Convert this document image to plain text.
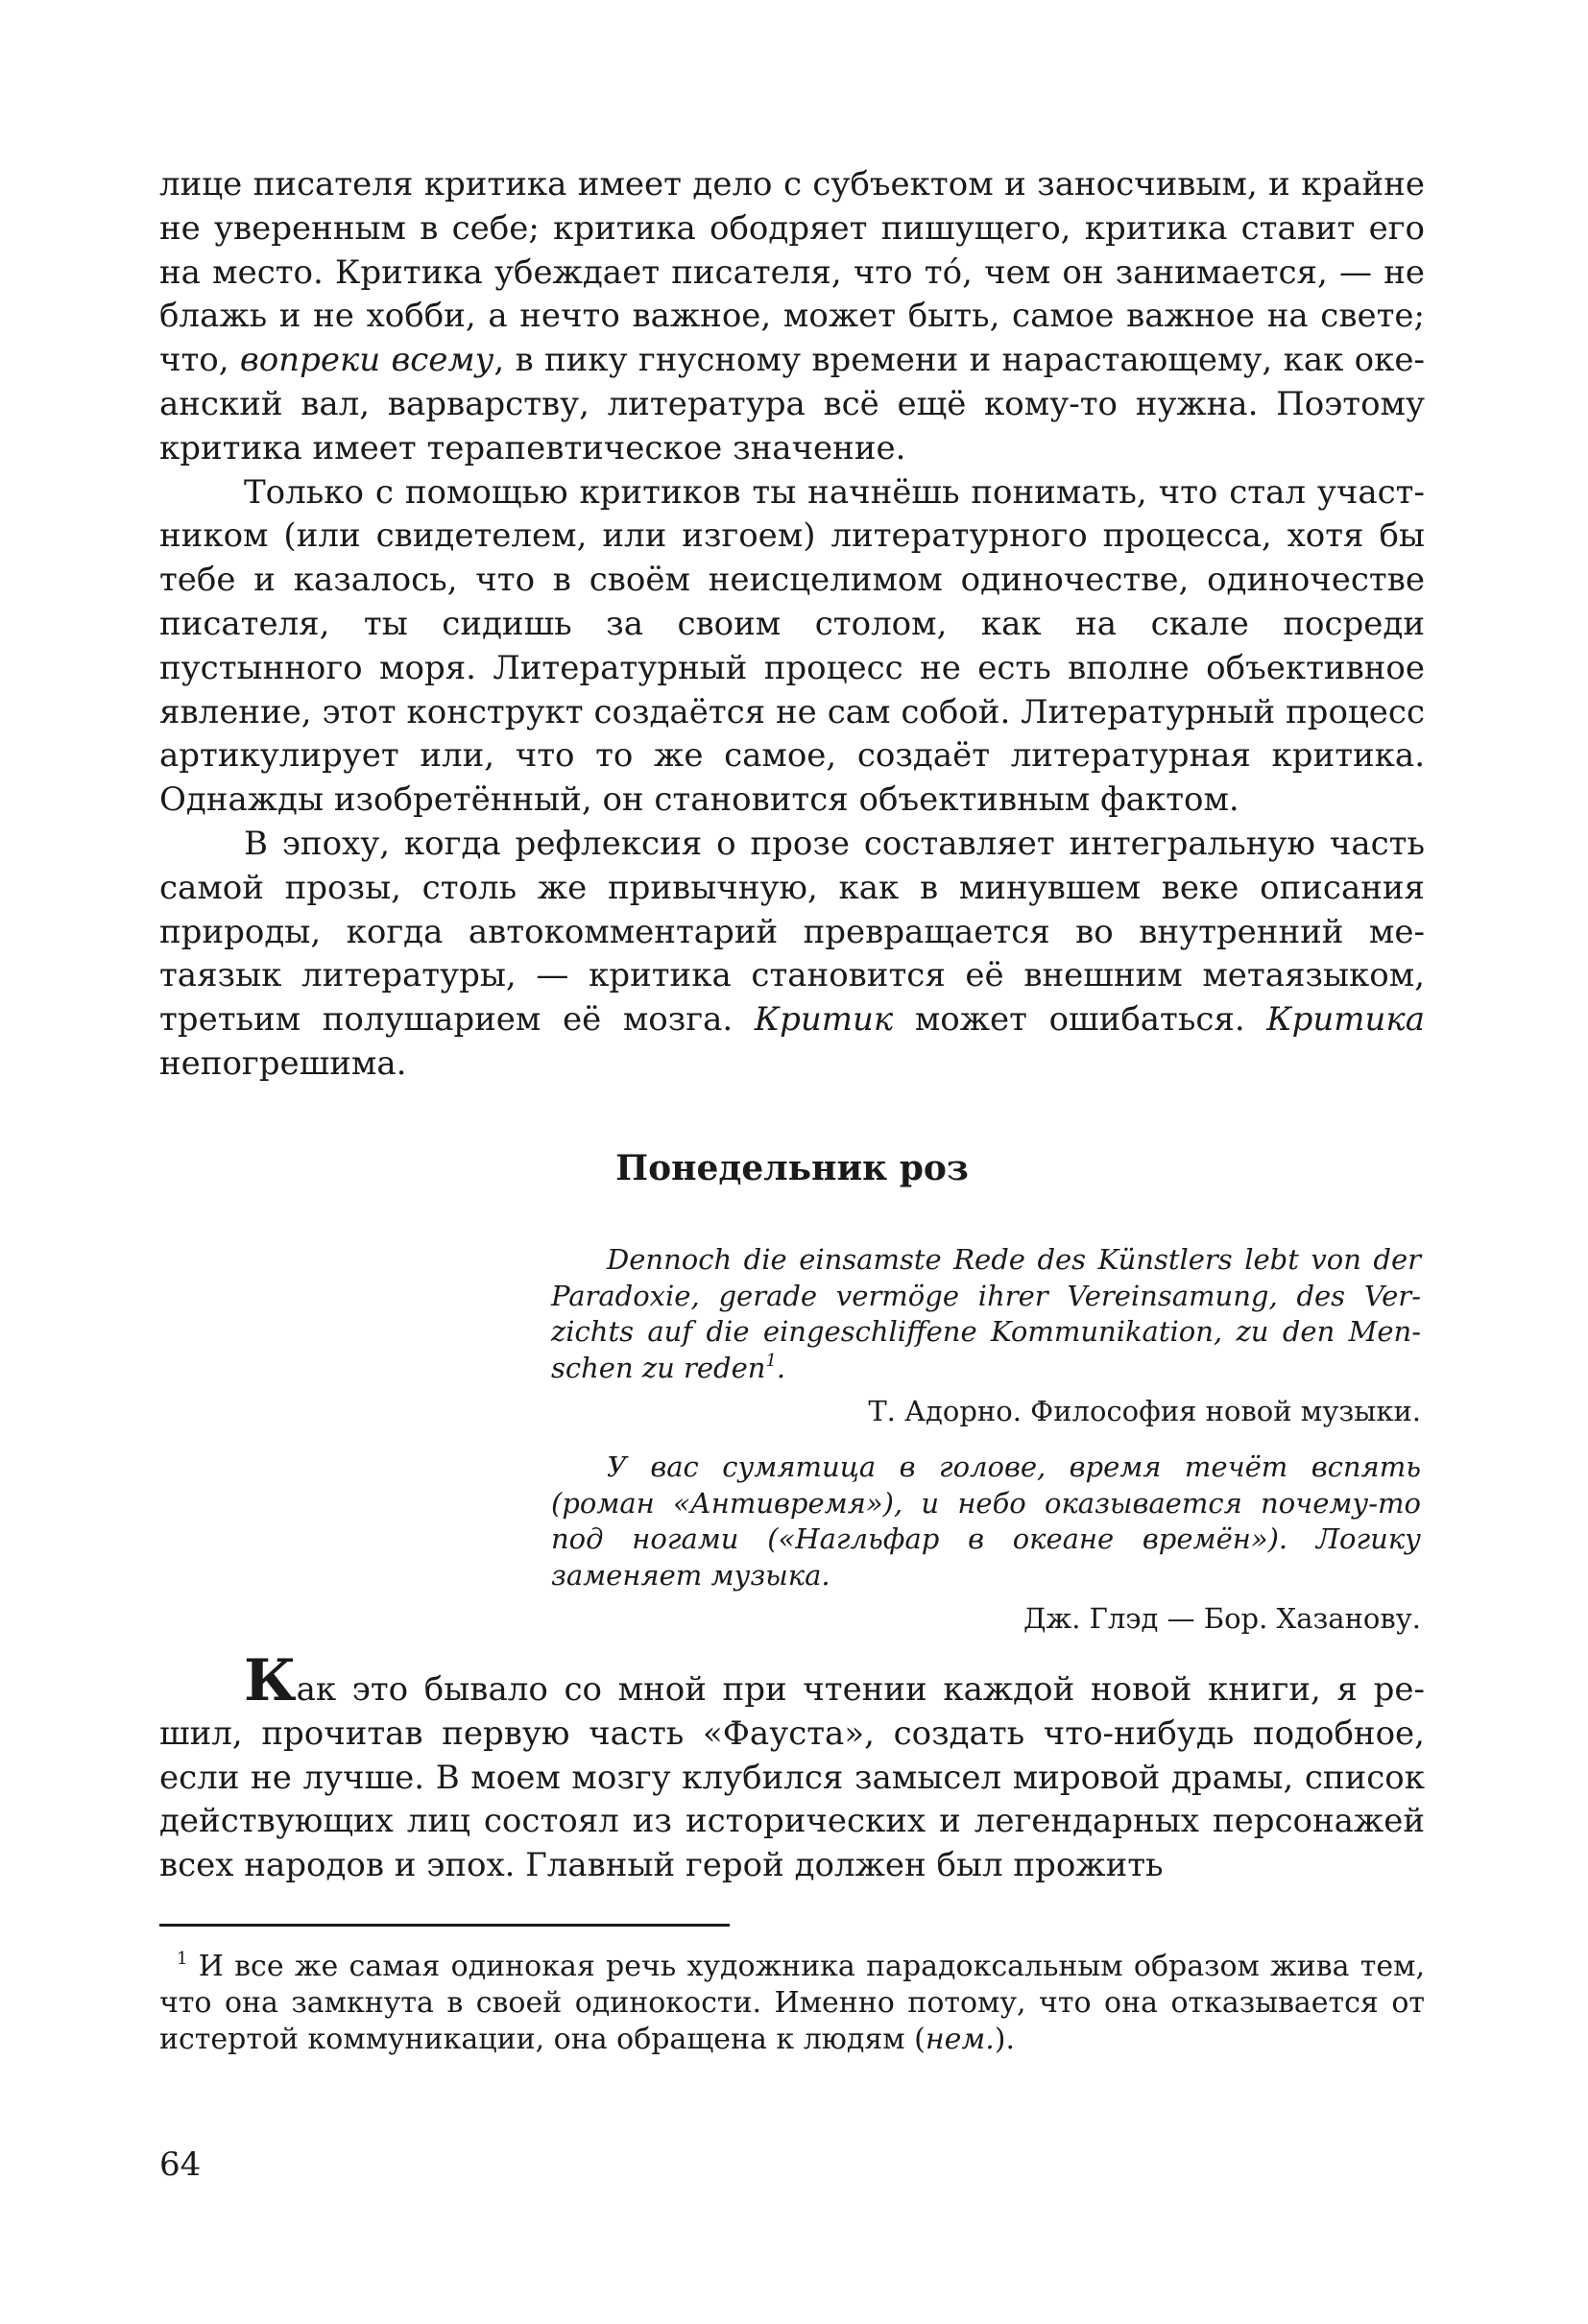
лице писателя критика имеет дело с субъектом и заносчивым, и крайне не уверенным в себе; критика ободряет пишущего, критика ставит его на место. Критика убеждает писателя, что тó, чем он занимается, — не блажь и не хобби, а нечто важное, может быть, самое важное на свете; что, вопреки всему, в пику гнусному времени и нарастающему, как океанский вал, варварству, литература всё ещё кому-то нужна. Поэтому критика имеет терапевтическое значение.

Только с помощью критиков ты начнёшь понимать, что стал участником (или свидетелем, или изгоем) литературного процесса, хотя бы тебе и казалось, что в своём неисцелимом одиночестве, одиночестве писателя, ты сидишь за своим столом, как на скале посреди пустынного моря. Литературный процесс не есть вполне объективное явление, этот конструкт создаётся не сам собой. Литературный процесс артикулирует или, что то же самое, создаёт литературная критика. Однажды изобретённый, он становится объективным фактом.

В эпоху, когда рефлексия о прозе составляет интегральную часть самой прозы, столь же привычную, как в минувшем веке описания природы, когда автокомментарий превращается во внутренний метаязык литературы, — критика становится её внешним метаязыком, третьим полушарием её мозга. Критик может ошибаться. Критика непогрешима.

Понедельник роз

Dennoch die einsamste Rede des Künstlers lebt von der Paradoxie, gerade vermöge ihrer Vereinsamung, des Verzichts auf die eingeschliffene Kommunikation, zu den Menschen zu reden$^1$.

Т. Адорно. Философия новой музыки.

У вас сумятица в голове, время течёт вспять (роман «Антивремя»), и небо оказывается почему-то под ногами («Нагльфар в океане времён»). Логику заменяет музыка.

Дж. Глэд — Бор. Хазанову.

Как это бывало со мной при чтении каждой новой книги, я решил, прочитав первую часть «Фауста», создать что-нибудь подобное, если не лучше. В моем мозгу клубился замысел мировой драмы, список действующих лиц состоял из исторических и легендарных персонажей всех народов и эпох. Главный герой должен был прожить

$^1$ И все же самая одинокая речь художника парадоксальным образом жива тем, что она замкнута в своей одинокости. Именно потому, что она отказывается от истертой коммуникации, она обращена к людям (нем.).

64
